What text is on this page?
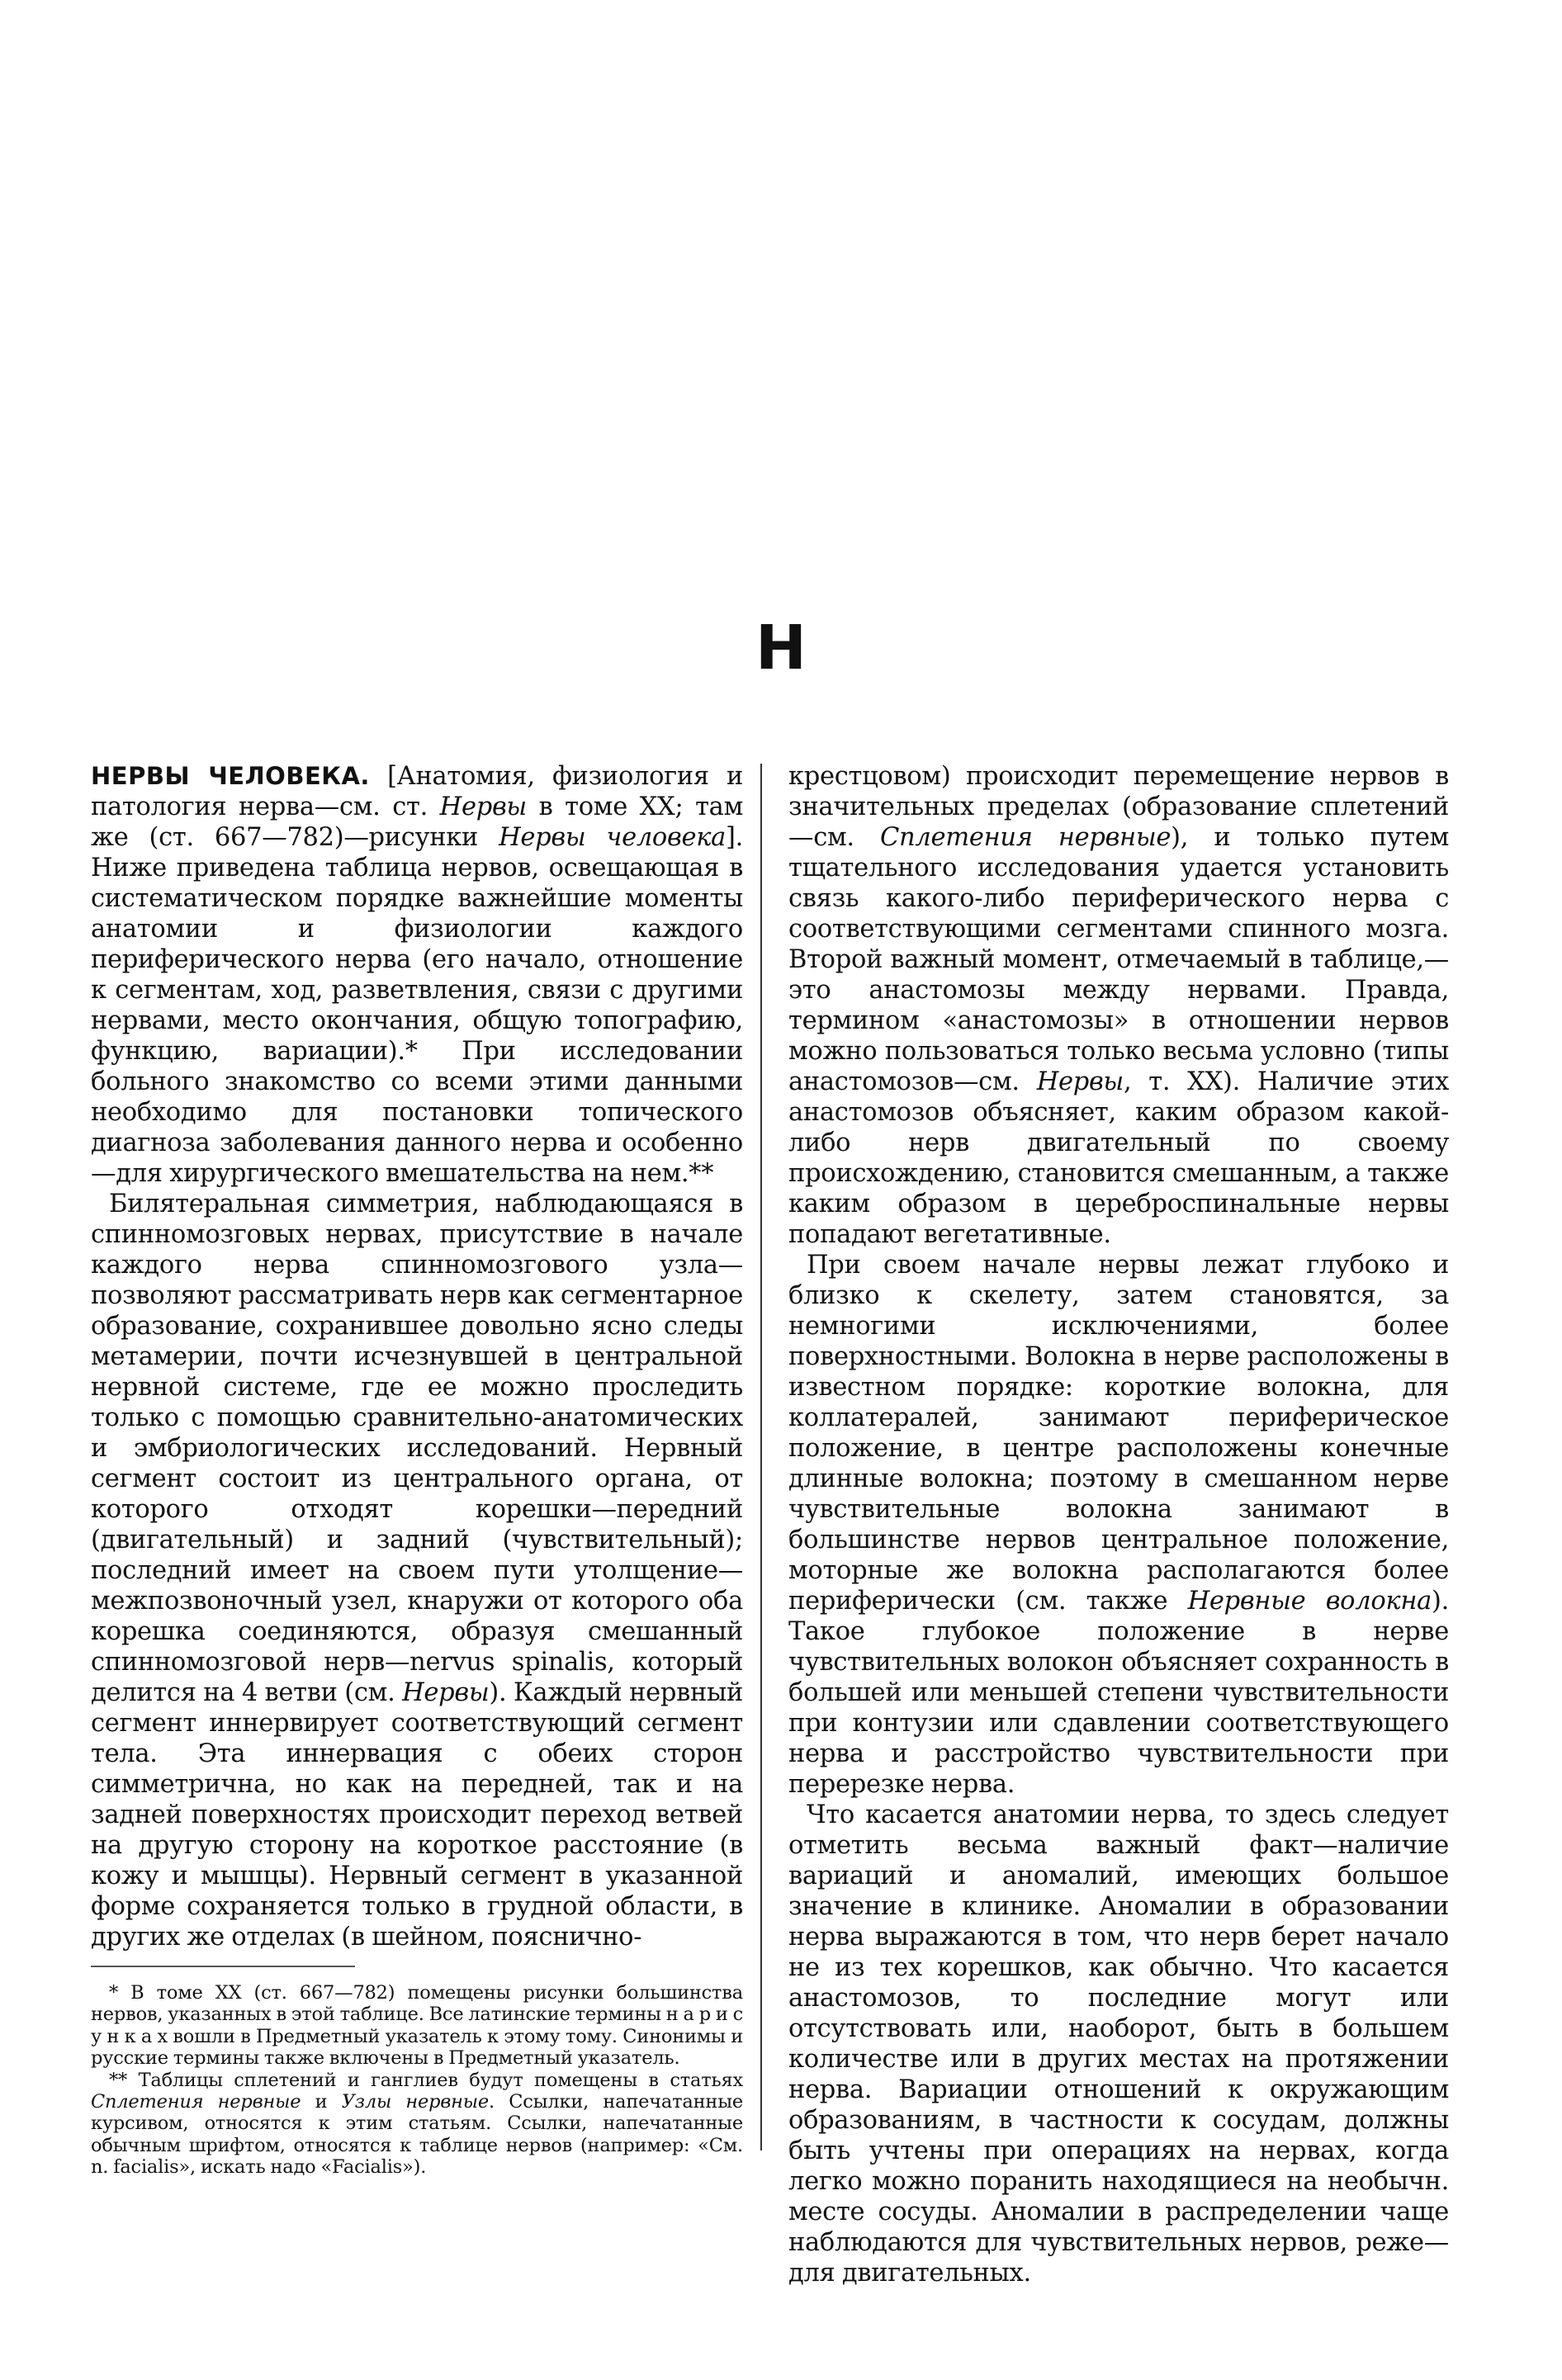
Н

НЕРВЫ ЧЕЛОВЕКА. [Анатомия, физиология и патология нерва—см. ст. Нервы в томе XX; там же (ст. 667—782)—рисунки Нервы человека]. Ниже приведена таблица нервов, освещающая в систематическом порядке важнейшие моменты анатомии и физиологии каждого периферического нерва (его начало, отношение к сегментам, ход, разветвления, связи с другими нервами, место окончания, общую топографию, функцию, вариации).* При исследовании больного знакомство со всеми этими данными необходимо для постановки топического диагноза заболевания данного нерва и особенно—для хирургического вмешательства на нем.**

Билятеральная симметрия, наблюдающаяся в спинномозговых нервах, присутствие в начале каждого нерва спинномозгового узла—позволяют рассматривать нерв как сегментарное образование, сохранившее довольно ясно следы метамерии, почти исчезнувшей в центральной нервной системе, где ее можно проследить только с помощью сравнительно-анатомических и эмбриологических исследований. Нервный сегмент состоит из центрального органа, от которого отходят корешки—передний (двигательный) и задний (чувствительный); последний имеет на своем пути утолщение—межпозвоночный узел, кнаружи от которого оба корешка соединяются, образуя смешанный спинномозговой нерв—nervus spinalis, который делится на 4 ветви (см. Нервы). Каждый нервный сегмент иннервирует соответствующий сегмент тела. Эта иннервация с обеих сторон симметрична, но как на передней, так и на задней поверхностях происходит переход ветвей на другую сторону на короткое расстояние (в кожу и мышцы). Нервный сегмент в указанной форме сохраняется только в грудной области, в других же отделах (в шейном, пояснично-

* В томе XX (ст. 667—782) помещены рисунки большинства нервов, указанных в этой таблице. Все латинские термины н а р и с у н к а х вошли в Предметный указатель к этому тому. Синонимы и русские термины также включены в Предметный указатель.

** Таблицы сплетений и ганглиев будут помещены в статьях Сплетения нервные и Узлы нервные. Ссылки, напечатанные курсивом, относятся к этим статьям. Ссылки, напечатанные обычным шрифтом, относятся к таблице нервов (например: «См. n. facialis», искать надо «Facialis»).

крестцовом) происходит перемещение нервов в значительных пределах (образование сплетений—см. Сплетения нервные), и только путем тщательного исследования удается установить связь какого-либо периферического нерва с соответствующими сегментами спинного мозга. Второй важный момент, отмечаемый в таблице,—это анастомозы между нервами. Правда, термином «анастомозы» в отношении нервов можно пользоваться только весьма условно (типы анастомозов—см. Нервы, т. XX). Наличие этих анастомозов объясняет, каким образом какой-либо нерв двигательный по своему происхождению, становится смешанным, а также каким образом в цереброспинальные нервы попадают вегетативные.

При своем начале нервы лежат глубоко и близко к скелету, затем становятся, за немногими исключениями, более поверхностными. Волокна в нерве расположены в известном порядке: короткие волокна, для коллатералей, занимают периферическое положение, в центре расположены конечные длинные волокна; поэтому в смешанном нерве чувствительные волокна занимают в большинстве нервов центральное положение, моторные же волокна располагаются более периферически (см. также Нервные волокна). Такое глубокое положение в нерве чувствительных волокон объясняет сохранность в большей или меньшей степени чувствительности при контузии или сдавлении соответствующего нерва и расстройство чувствительности при перерезке нерва.

Что касается анатомии нерва, то здесь следует отметить весьма важный факт—наличие вариаций и аномалий, имеющих большое значение в клинике. Аномалии в образовании нерва выражаются в том, что нерв берет начало не из тех корешков, как обычно. Что касается анастомозов, то последние могут или отсутствовать или, наоборот, быть в большем количестве или в других местах на протяжении нерва. Вариации отношений к окружающим образованиям, в частности к сосудам, должны быть учтены при операциях на нервах, когда легко можно поранить находящиеся на необычн. месте сосуды. Аномалии в распределении чаще наблюдаются для чувствительных нервов, реже—для двигательных.
